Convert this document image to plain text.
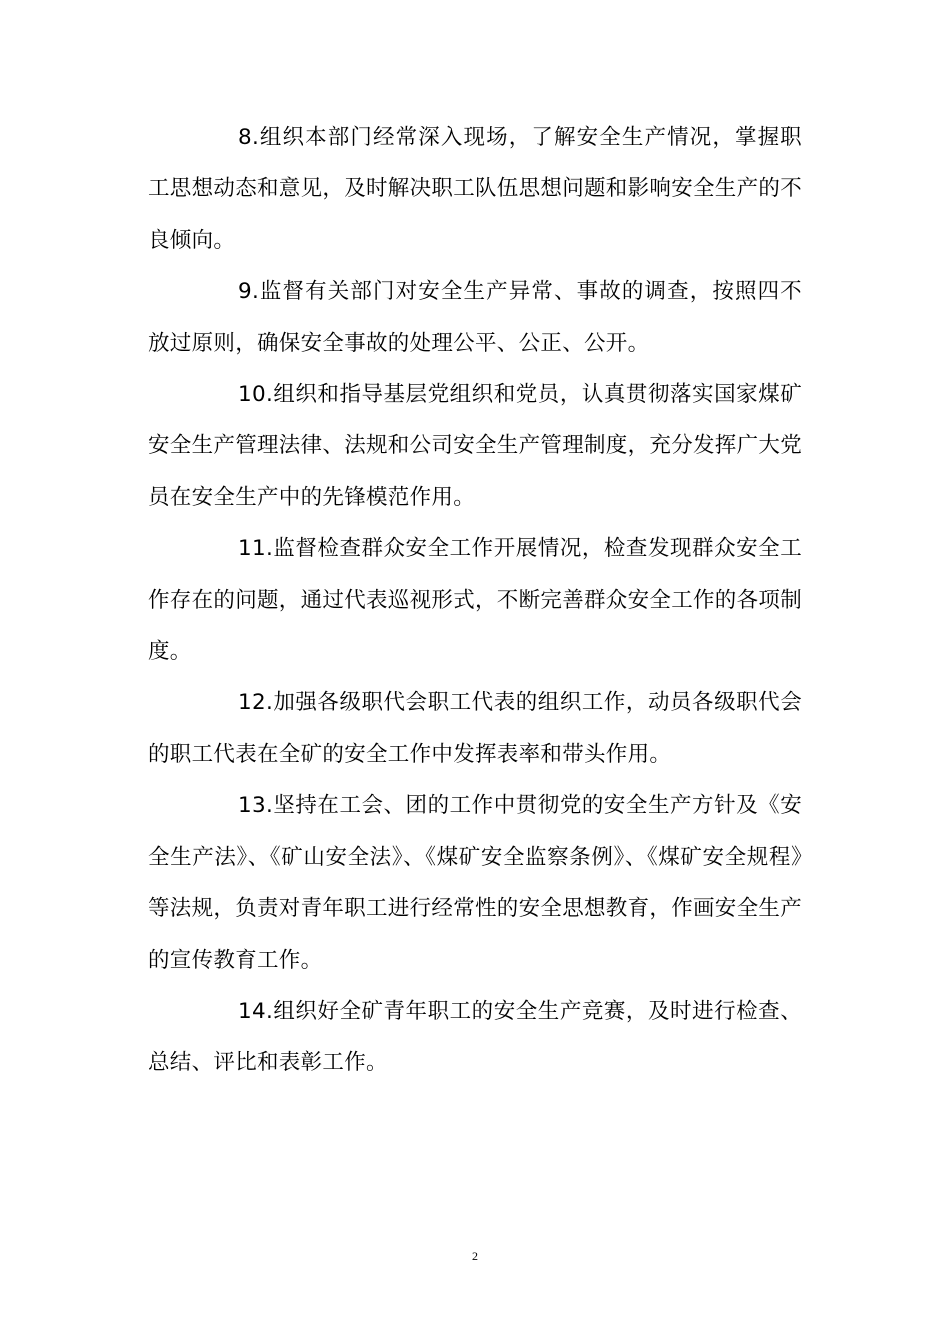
8.组织本部门经常深入现场，了解安全生产情况，掌握职工思想动态和意见，及时解决职工队伍思想问题和影响安全生产的不良倾向。

9.监督有关部门对安全生产异常、事故的调查，按照四不放过原则，确保安全事故的处理公平、公正、公开。

10.组织和指导基层党组织和党员，认真贯彻落实国家煤矿安全生产管理法律、法规和公司安全生产管理制度，充分发挥广大党员在安全生产中的先锋模范作用。

11.监督检查群众安全工作开展情况，检查发现群众安全工作存在的问题，通过代表巡视形式，不断完善群众安全工作的各项制度。

12.加强各级职代会职工代表的组织工作，动员各级职代会的职工代表在全矿的安全工作中发挥表率和带头作用。

13.坚持在工会、团的工作中贯彻党的安全生产方针及《安全生产法》、《矿山安全法》、《煤矿安全监察条例》、《煤矿安全规程》等法规，负责对青年职工进行经常性的安全思想教育，作画安全生产的宣传教育工作。

14.组织好全矿青年职工的安全生产竞赛，及时进行检查、总结、评比和表彰工作。

2
